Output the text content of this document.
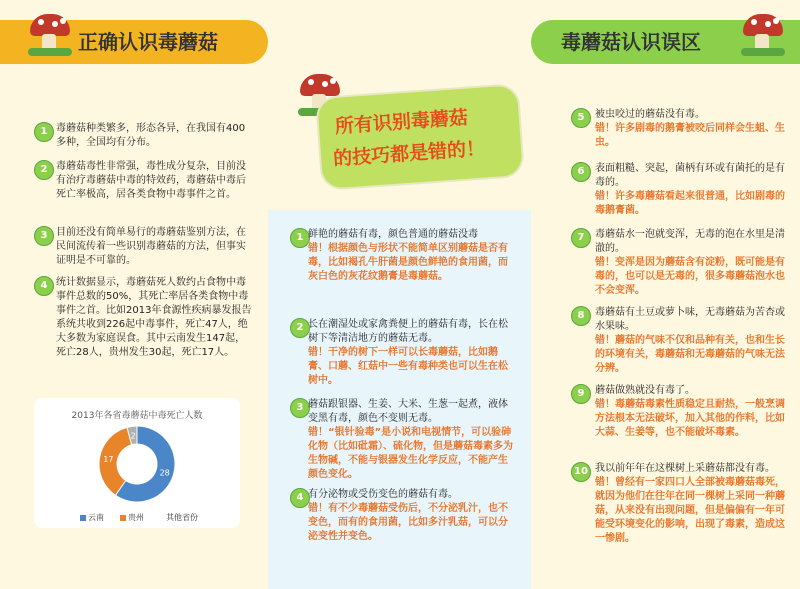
正确认识毒蘑菇
1 毒蘑菇种类繁多，形态各异，在我国有400多种，全国均有分布。
2 毒蘑菇毒性非常强，毒性成分复杂，目前没有治疗毒蘑菇中毒的特效药，毒蘑菇中毒后死亡率极高，居各类食物中毒事件之首。
3 目前还没有简单易行的毒蘑菇鉴别方法，在民间流传着一些识别毒蘑菇的方法，但事实证明是不可靠的。
4 统计数据显示，毒蘑菇死人数约占食物中毒事件总数的50%，其死亡率居各类食物中毒事件之首。比如2013年食源性疾病暴发报告系统共收到226起中毒事件，死亡47人，绝大多数为家庭误食。其中云南发生147起，死亡28人，贵州发生30起，死亡17人。
2013年各省毒蘑菇中毒死亡人数
28
17
2
云南	贵州	其他省份
所有识别毒蘑菇
的技巧都是错的！
1 鲜艳的蘑菇有毒，颜色普通的蘑菇没毒
错！根据颜色与形状不能简单区别蘑菇是否有毒，比如褐孔牛肝菌是颜色鲜艳的食用菌，而灰白色的灰花纹鹅膏是毒蘑菇。
2 长在潮湿处或家禽粪便上的蘑菇有毒，长在松树下等清洁地方的蘑菇无毒。
错！干净的树下一样可以长毒蘑菇，比如鹅膏、口蘑、红菇中一些有毒种类也可以生在松树中。
3 蘑菇跟银器、生姜、大米、生葱一起煮，液体变黑有毒，颜色不变则无毒。
错！“银针验毒”是小说和电视情节，可以验砷化物（比如砒霜）、硫化物，但是蘑菇毒素多为生物碱，不能与银器发生化学反应，不能产生颜色变化。
4 有分泌物或受伤变色的蘑菇有毒。
错！有不少毒蘑菇受伤后，不分泌乳汁，也不变色，而有的食用菌，比如多汁乳菇，可以分泌变性并变色。
毒蘑菇认识误区
5	被虫咬过的蘑菇没有毒。
错！许多剧毒的鹅膏被咬后同样会生蛆、生虫。
6	表面粗糙、突起，菌柄有环或有菌托的是有毒的。
错！许多毒蘑菇看起来很普通，比如剧毒的毒鹅膏菌。
7	毒蘑菇水一泡就变浑，无毒的泡在水里是清澈的。
错！变浑是因为蘑菇含有淀粉，既可能是有毒的，也可以是无毒的，很多毒蘑菇泡水也不会变浑。
8	毒蘑菇有土豆或萝卜味，无毒蘑菇为苦杏或水果味。
错！蘑菇的气味不仅和品种有关，也和生长的环境有关，毒蘑菇和无毒蘑菇的气味无法分辨。
9	蘑菇做熟就没有毒了。
错！毒蘑菇毒素性质稳定且耐热，一般烹调方法根本无法破坏，加入其他的作料，比如大蒜、生姜等，也不能破坏毒素。
10 我以前年年在这棵树上采蘑菇都没有毒。
错！曾经有一家四口人全部被毒蘑菇毒死，就因为他们在往年在同一棵树上采同一种蘑菇，从来没有出现问题，但是偏偏有一年可能受环境变化的影响，出现了毒素，造成这一惨剧。
